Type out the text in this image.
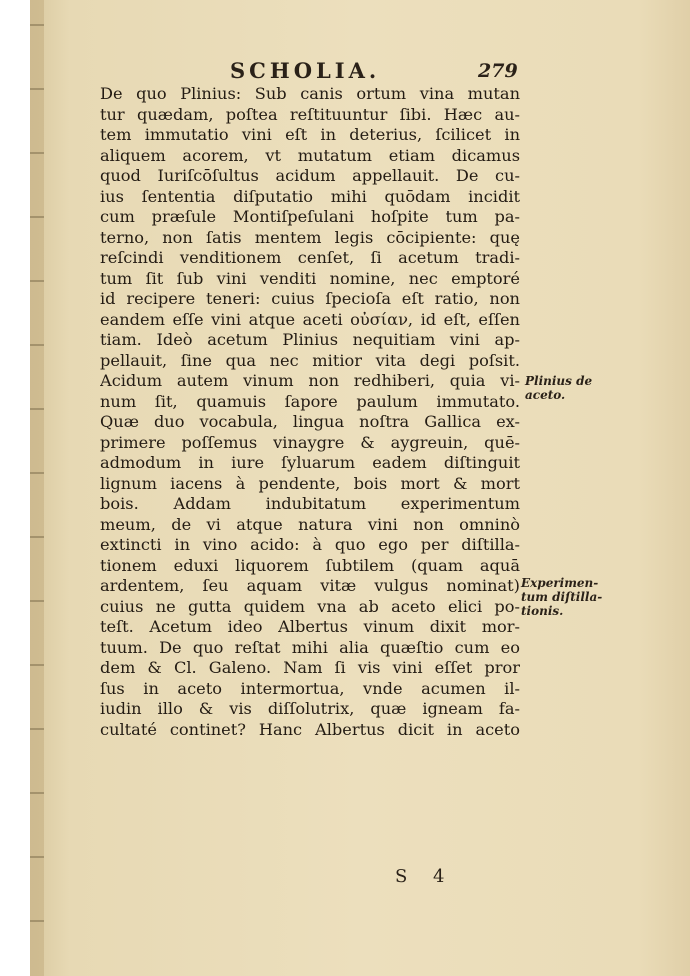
SCHOLIA.	279
De quo Plinius: Sub canis ortum vina mutan
tur quædam, poſtea reſtituuntur ſibi. Hæc au-
tem immutatio vini eſt in deterius, ſcilicet in
aliquem acorem, vt mutatum etiam dicamus
quod Iuriſcōſultus acidum appellauit. De cu-
ius ſententia diſputatio mihi quōdam incidit
cum præſule Montiſpeſulani hoſpite tum pa-
terno, non ſatis mentem legis cōcipiente: quę
reſcindi venditionem cenſet, ſi acetum tradi-
tum ſit ſub vini venditi nomine, nec emptoré
id recipere teneri: cuius ſpecioſa eſt ratio, non
eandem eſſe vini atque aceti οὐσίαν, id eſt, eſſen
tiam. Ideò acetum Plinius nequitiam vini ap-
pellauit, ſine qua nec mitior vita degi poſsit.
Acidum autem vinum non redhiberi, quia vi-
num ſit, quamuis ſapore paulum immutato.
Quæ duo vocabula, lingua noſtra Gallica ex-
primere poſſemus vinaygre & aygreuin, quē-
admodum in iure ſyluarum eadem diſtinguit
lignum iacens à pendente, bois mort & mort
bois. Addam indubitatum experimentum
meum, de vi atque natura vini non omninò
extincti in vino acido: à quo ego per diſtilla-
tionem eduxi liquorem ſubtilem (quam aquā
ardentem, ſeu aquam vitæ vulgus nominat)
cuius ne gutta quidem vna ab aceto elici po-
teſt. Acetum ideo Albertus vinum dixit mor-
tuum. De quo reſtat mihi alia quæſtio cum eo
dem & Cl. Galeno. Nam ſi vis vini eſſet pror
ſus in aceto intermortua, vnde acumen il-
iudin illo & vis diſſolutrix, quæ igneam fa-
cultaté continet? Hanc Albertus dicit in aceto
Plinius de
aceto.
Experimen-
tum diſtilla-
tionis.
S 4
